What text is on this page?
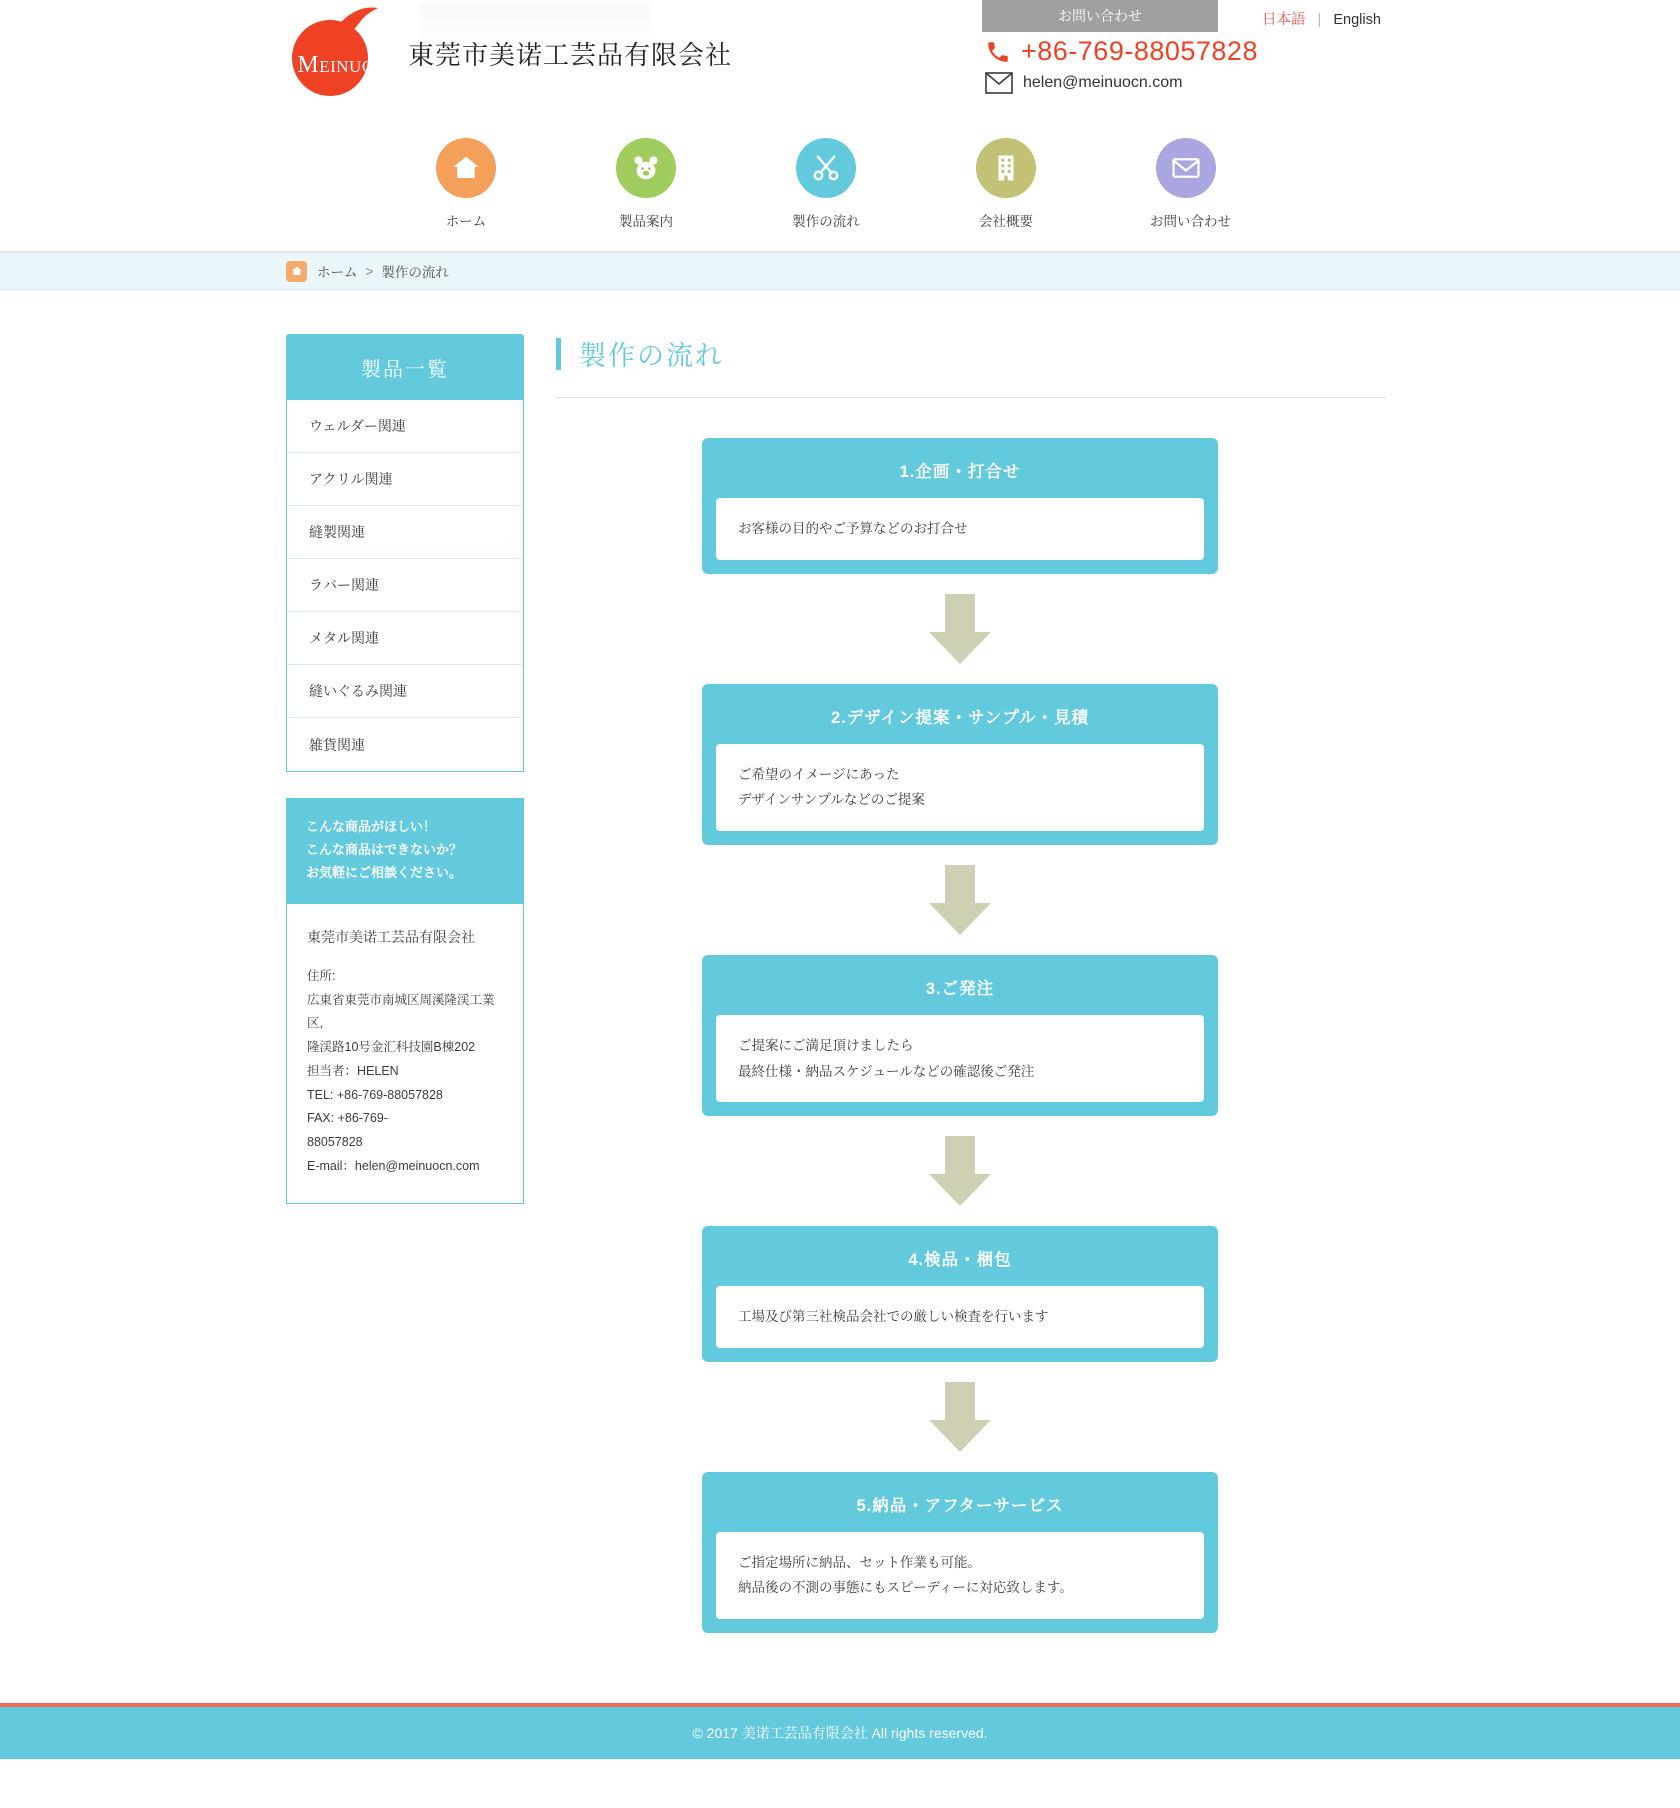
MEINUO 東莞市美诺工芸品有限会社
お問い合わせ	日本語 | English
+86-769-88057828
helen@meinuocn.com
ホーム	製品案内	製作の流れ	会社概要	お問い合わせ
ホーム > 製作の流れ
製品一覧
ウェルダー関連
アクリル関連
縫製関連
ラバー関連
メタル関連
縫いぐるみ関連
雑貨関連
こんな商品がほしい！
こんな商品はできないか？
お気軽にご相談ください。
東莞市美诺工芸品有限会社
住所:
広東省東莞市南城区周溪隆渓工業区,
隆渓路10号金汇科技園B棟202
担当者：HELEN
TEL: +86-769-88057828
FAX: +86-769-
88057828
E-mail：helen@meinuocn.com
製作の流れ
1.企画・打合せ
お客様の目的やご予算などのお打合せ
2.デザイン提案・サンプル・見積
ご希望のイメージにあった
デザインサンプルなどのご提案
3.ご発注
ご提案にご満足頂けましたら
最終仕様・納品スケジュールなどの確認後ご発注
4.検品・梱包
工場及び第三社検品会社での厳しい検査を行います
5.納品・アフターサービス
ご指定場所に納品、セット作業も可能。
納品後の不測の事態にもスピーディーに対応致します。
© 2017 美诺工芸品有限会社 All rights reserved.
